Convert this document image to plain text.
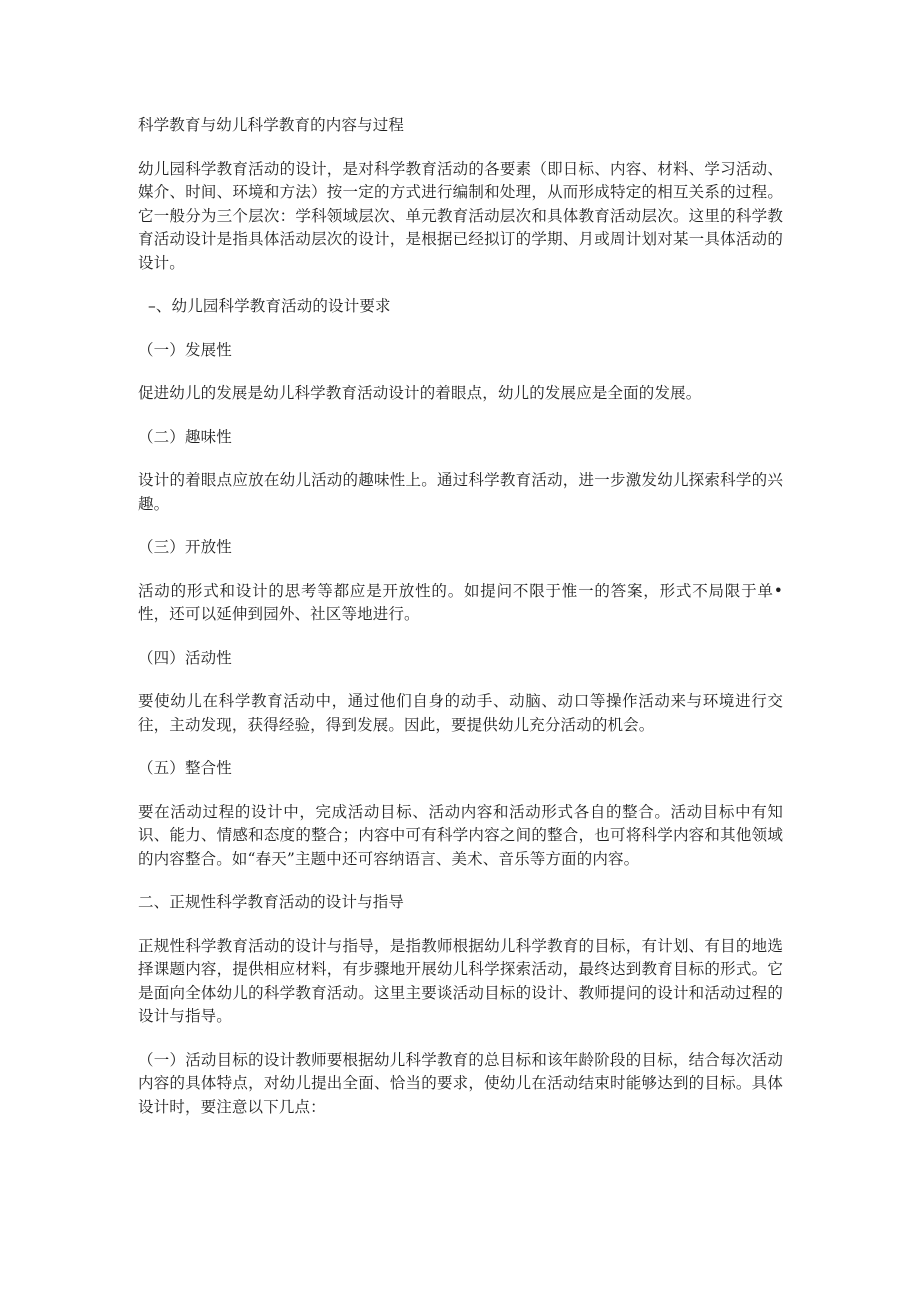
科学教育与幼儿科学教育的内容与过程

幼儿园科学教育活动的设计，是对科学教育活动的各要素（即日标、内容、材料、学习活动、媒介、时间、环境和方法）按一定的方式进行编制和处理，从而形成特定的相互关系的过程。它一般分为三个层次：学科领域层次、单元教育活动层次和具体教育活动层次。这里的科学教育活动设计是指具体活动层次的设计，是根据已经拟订的学期、月或周计划对某一具体活动的设计。

–、幼儿园科学教育活动的设计要求

（一）发展性

促进幼儿的发展是幼儿科学教育活动设计的着眼点，幼儿的发展应是全面的发展。

（二）趣味性

设计的着眼点应放在幼儿活动的趣味性上。通过科学教育活动，进一步激发幼儿探索科学的兴趣。

（三）开放性

活动的形式和设计的思考等都应是开放性的。如提问不限于惟一的答案，形式不局限于单•性，还可以延伸到园外、社区等地进行。

（四）活动性

要使幼儿在科学教育活动中，通过他们自身的动手、动脑、动口等操作活动来与环境进行交往，主动发现，获得经验，得到发展。因此，要提供幼儿充分活动的机会。

（五）整合性

要在活动过程的设计中，完成活动目标、活动内容和活动形式各自的整合。活动目标中有知识、能力、情感和态度的整合；内容中可有科学内容之间的整合，也可将科学内容和其他领域的内容整合。如“春天”主题中还可容纳语言、美术、音乐等方面的内容。

二、正规性科学教育活动的设计与指导

正规性科学教育活动的设计与指导，是指教师根据幼儿科学教育的目标，有计划、有目的地选择课题内容，提供相应材料，有步骤地开展幼儿科学探索活动，最终达到教育目标的形式。它是面向全体幼儿的科学教育活动。这里主要谈活动目标的设计、教师提问的设计和活动过程的设计与指导。

（一）活动目标的设计教师要根据幼儿科学教育的总目标和该年龄阶段的目标，结合每次活动内容的具体特点，对幼儿提出全面、恰当的要求，使幼儿在活动结束时能够达到的目标。具体设计时，要注意以下几点：
